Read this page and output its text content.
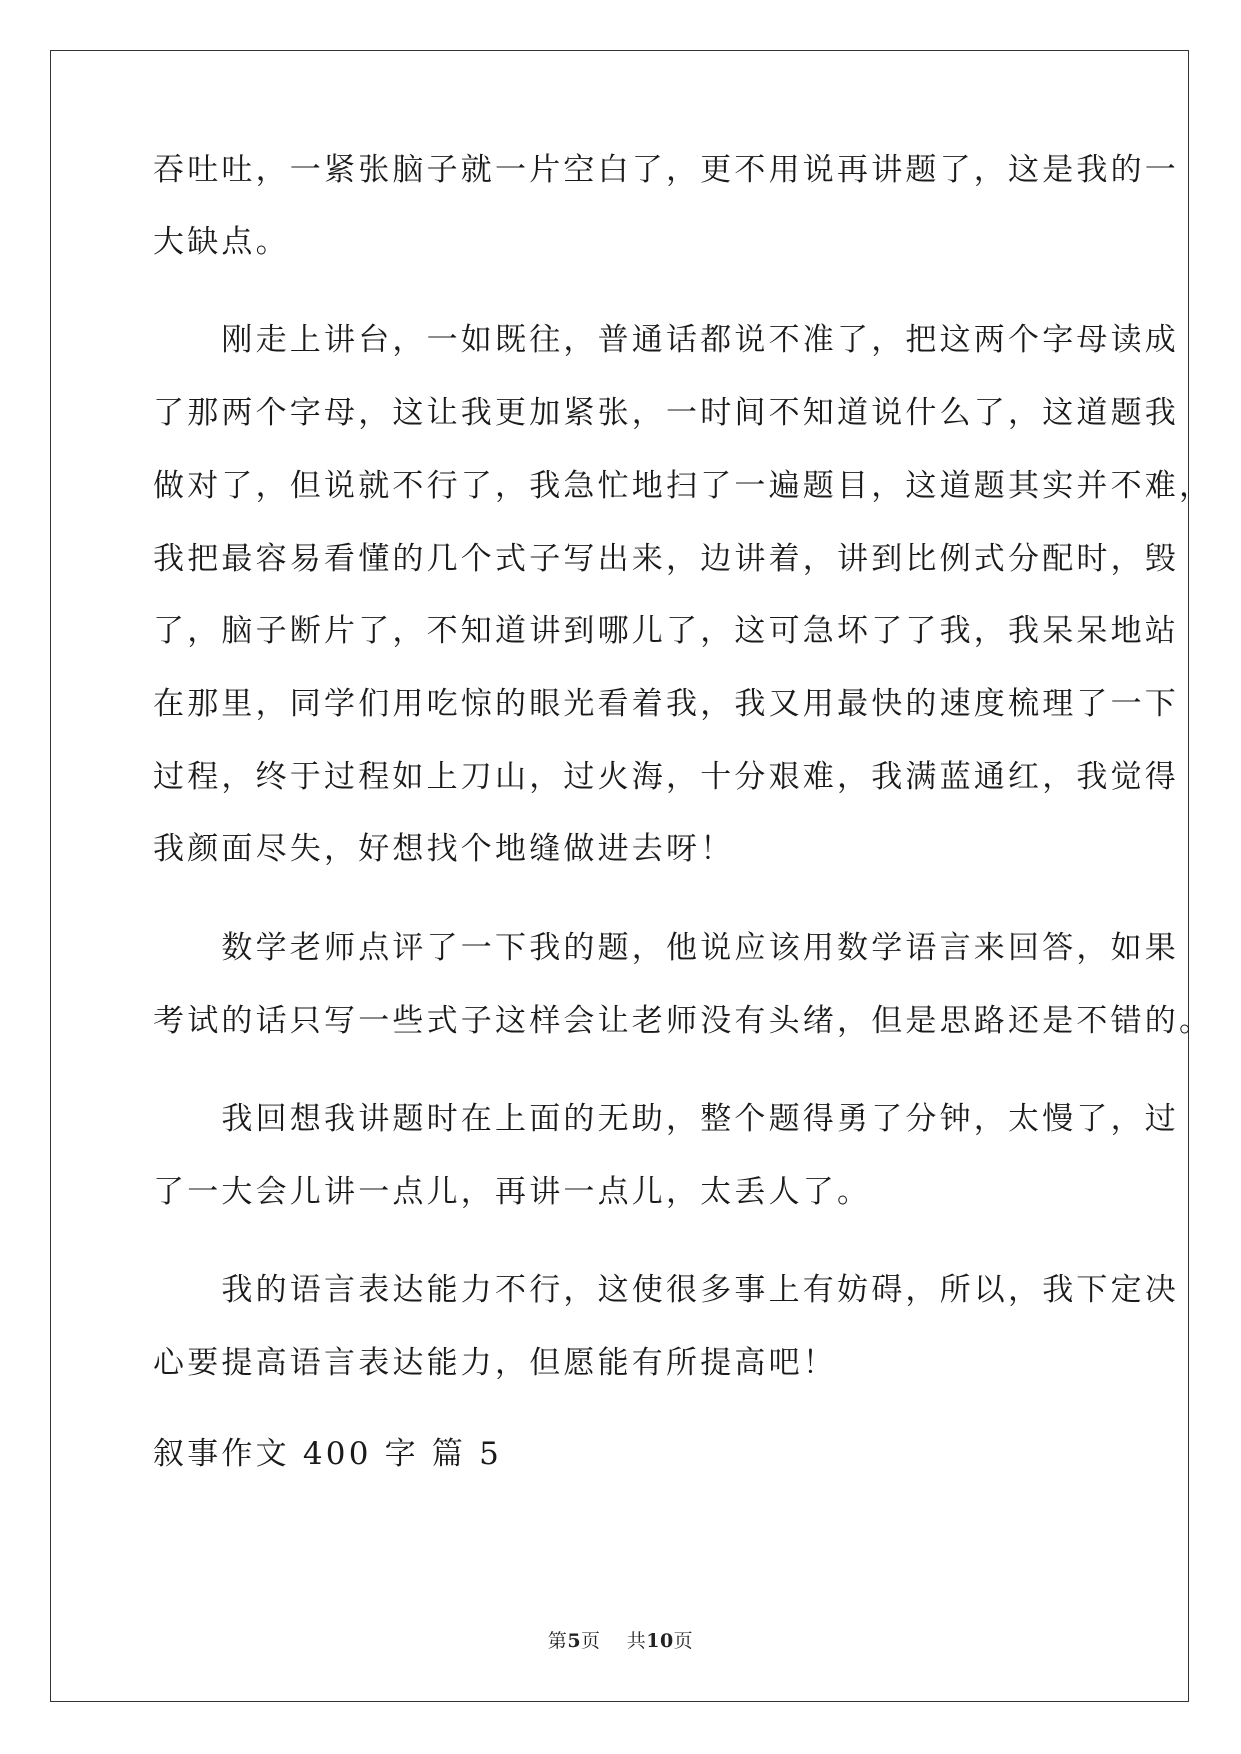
吞吐吐，一紧张脑子就一片空白了，更不用说再讲题了，这是我的一
大缺点。
　　刚走上讲台，一如既往，普通话都说不准了，把这两个字母读成
了那两个字母，这让我更加紧张，一时间不知道说什么了，这道题我
做对了，但说就不行了，我急忙地扫了一遍题目，这道题其实并不难，
我把最容易看懂的几个式子写出来，边讲着，讲到比例式分配时，毁
了，脑子断片了，不知道讲到哪儿了，这可急坏了了我，我呆呆地站
在那里，同学们用吃惊的眼光看着我，我又用最快的速度梳理了一下
过程，终于过程如上刀山，过火海，十分艰难，我满蓝通红，我觉得
我颜面尽失，好想找个地缝做进去呀！
　　数学老师点评了一下我的题，他说应该用数学语言来回答，如果
考试的话只写一些式子这样会让老师没有头绪，但是思路还是不错的。
　　我回想我讲题时在上面的无助，整个题得勇了分钟，太慢了，过
了一大会儿讲一点儿，再讲一点儿，太丢人了。
　　我的语言表达能力不行，这使很多事上有妨碍，所以，我下定决
心要提高语言表达能力，但愿能有所提高吧！
叙事作文 400 字 篇 5
第5页    共10页
